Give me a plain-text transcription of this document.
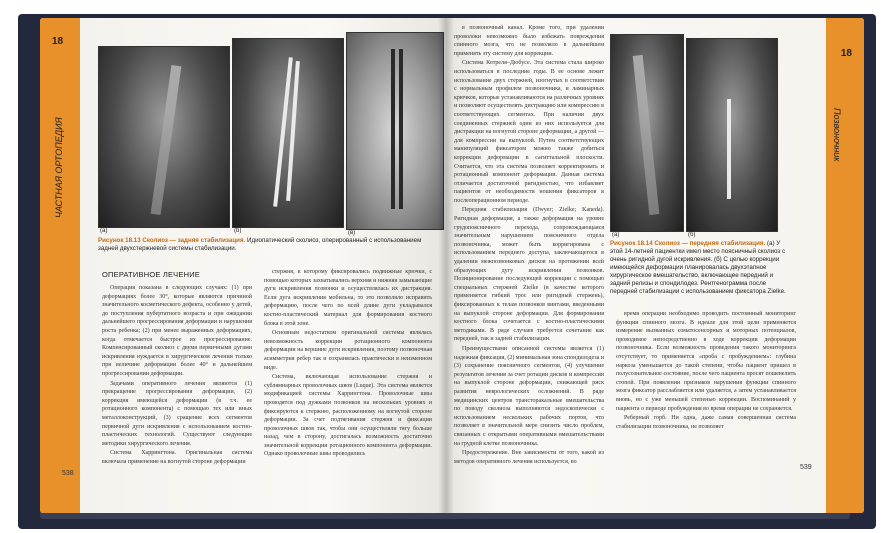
18
ЧАСТНАЯ ОРТОПЕДИЯ
(a)	(b)	(в)
Рисунок 18.13 Сколиоз — задняя стабилизация. Идиопатический сколиоз, оперированный с использованием задней двухстержневой системы стабилизации.
ОПЕРАТИВНОЕ ЛЕЧЕНИЕ

Операция показана в следующих случаях: (1) при деформациях более 30°, которые являются причиной значительного косметического дефекта, особенно у детей, до поступления пубертатного возраста и при ожидании дальнейшего прогрессирования деформации и нарушения роста ребенка; (2) при менее выраженных деформациях, когда отмечается быстрое их прогрессирование. Компенсированный сколиоз с двумя первичными дугами искривления нуждается в хирургическом лечении только при величине деформации более 40° и дальнейшем прогрессировании деформации.

Задачами оперативного лечения являются (1) прекращение прогрессирования деформации, (2) коррекция имеющейся деформации (в т.ч. ее ротационного компонента) с помощью тех или иных металлоконструкций, (3) сращение всех сегментов первичной дуги искривления с использованием костно-пластических технологий. Существуют следующие методики хирургического лечения.

Система Харрингтона. Оригинальная система включала применение на вогнутой стороне деформации

стержня, к которому фиксировались подвижные крючки, с помощью которых захватывались верхняя и нижняя замыкающие дуги искривления позвонки и осуществлялась их дистракция. Если дуга искривления мобильна, то это позволяло исправить деформацию, после чего по всей длине дуги укладывался костно-пластический материал для формирования костного блока в этой зоне.

Основным недостатком оригинальной системы являлась невозможность коррекции ротационного компонента деформации на вершине дуги искривления, поэтому позвоночная асимметрия ребер так и сохранялась практически в неизменном виде.

Система, включающая использование стержня и сублямнарных проволочных швов (Luque). Эта система является модификацией системы Харрингтона. Проволочные швы проводятся под дужками позвонков на нескольких уровнях и фиксируются к стержню, расположенному на вогнутой стороне деформации. За счет подтягивания стержня и фиксации проволочных швов так, чтобы они осуществляли тягу больше назад, чем в сторону, достигалась возможность достаточно значительной коррекции ротационного компонента деформации. Однако проволочные швы проводились

538
18
Позвоночник

в позвоночный канал. Кроме того, при удалении проволоки невозможно было избежать повреждения спинного мозга, что не позволяло в дальнейшем применять эту систему для коррекции.

Система Котреля–Дюбусе. Эта система стала широко использоваться в последние годы. В ее основе лежит использование двух стержней, изогнутых в соответствии с нормальным профилем позвоночника, и ламинарных крючков, которые устанавливаются на различных уровнях и позволяют осуществлять дистракцию или компрессию в соответствующих сегментах. При наличии двух соединенных стержней один из них используется для дистракции на вогнутой стороне деформации, а другой — для компрессии на выпуклой. Путем соответствующих манипуляций фиксатором можно также добиться коррекции деформации в сагиттальной плоскости. Считается, что эта система позволяет корректировать и ротационный компонент деформации. Данная система отличается достаточной ригидностью, что избавляет пациентов от необходимости ношения фиксаторов в послеоперационном периоде.

Передняя стабилизация (Dwyer; Zielke; Kaneda). Ригидная деформация, а также деформация на уровне грудопоясничного перехода, сопровождающаяся значительным нарушением поясничного отдела позвоночника, может быть корригирована с использованием переднего доступа, заключающегося в удалении межпозвонковых дисков на протяжении всей образующих дугу искривления позвонков. Позиционирование последующей коррекции с помощью специальных стержней Zielke (в качестве которого применяется гибкий трос или ригидный стержень), фиксированных к телам позвонков винтами, введенными на выпуклой стороне деформации. Для формирования костного блока сочетается с костно-пластическими методиками. В ряде случаев требуется сочетание как передней, так и задней стабилизации.

Преимуществами описанной системы является (1) надежная фиксация, (2) минимальная зона спондилодеза и (3) сохранение поясничного сегментов, (4) улучшение результатов лечения за счет ротации дисков и компрессии на выпуклой стороне деформации, снижающей риск развития неврологических осложнений. В ряде медицинских центров трансторакальные вмешательства по поводу сколиоза выполняются эндоскопически с использованием нескольких рабочих портов, что позволяет в значительной мере снизить число проблем, связанных с открытыми оперативными вмешательствами на грудной клетке позвоночника.

Предостережение. Вне зависимости от того, какой из методов оперативного лечения используется, во

(a)	(б)
Рисунок 18.14 Сколиоз — передняя стабилизация. (a) У этой 14-летней пациентки имел место поясничный сколиоз с очень ригидной дугой искривления. (б) С целью коррекции имеющейся деформации планировалась двухэтапное хирургическое вмешательство, включающее передний и задний релизы и спондилодез. Рентгенограмма после передней стабилизации с использованием фиксатора Zielke.

время операции необходимо проводить постоянный мониторинг функции спинного мозга. В идеале для этой цели применяется измерение вызванных соматосенсорных и моторных потенциалов, проводимое непосредственно в ходе коррекции деформации позвоночника. Если возможность проведения такого мониторинга отсутствует, то применяется «проба с пробуждением»: глубина наркоза уменьшается до такой степени, чтобы пациент пришел в полусознательное состояние, после чего пациента просят пошевелить стопой. При появлении признаков нарушения функции спинного мозга фиксатор расслабляется или удаляется, а затем устанавливается вновь, но с уже меньшей степенью коррекции. Воспоминаний у пациента о периоде пробуждения во время операции не сохраняется.

Реберный горб. Ни одна, даже самая совершенная система стабилизации позвоночника, не позволяет

539
